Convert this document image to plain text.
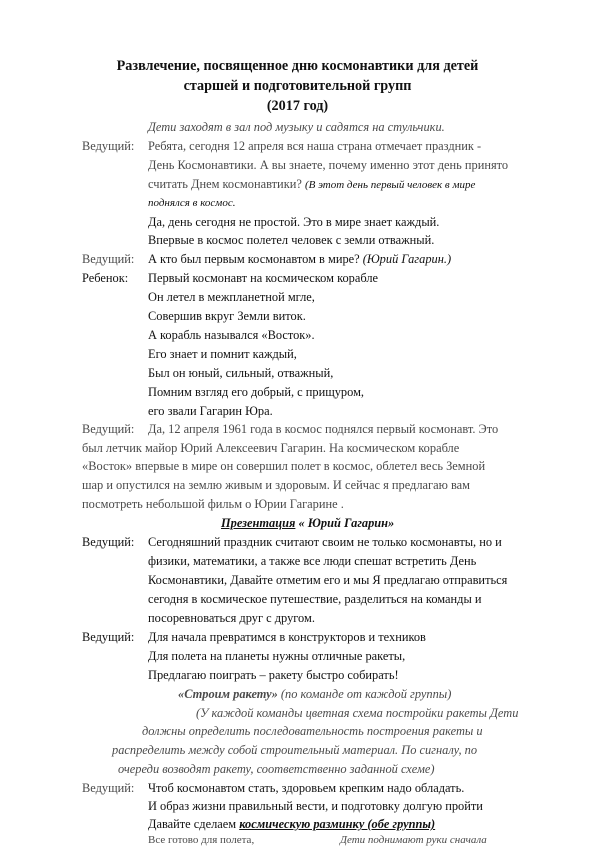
Развлечение, посвященное дню космонавтики для детей
старшей и подготовительной групп
(2017 год)
Дети заходят в зал под музыку и садятся на стульчики.
Ведущий: Ребята, сегодня 12 апреля вся наша страна отмечает праздник -
День Космонавтики. А вы знаете, почему именно этот день принято
считать Днем космонавтики? (В этот день первый человек в мире
поднялся в космос.
Да, день сегодня не простой. Это в мире знает каждый.
Впервые в космос полетел человек с земли отважный.
Ведущий: А кто был первым космонавтом в мире? (Юрий Гагарин.)
Ребенок: Первый космонавт на космическом корабле
Он летел в межпланетной мгле,
Совершив вкруг Земли виток.
А корабль назывался «Восток».
Его знает и помнит каждый,
Был он юный, сильный, отважный,
Помним взгляд его добрый, с прищуром,
его звали Гагарин Юра.
Ведущий: Да, 12 апреля 1961 года в космос поднялся первый космонавт. Это
был летчик майор Юрий Алексеевич Гагарин. На космическом корабле
«Восток» впервые в мире он совершил полет в космос, облетел весь Земной
шар и опустился на землю живым и здоровым. И сейчас я предлагаю вам
посмотреть небольшой фильм о Юрии Гагарине .
Презентация « Юрий Гагарин»
Ведущий: Сегодняшний праздник считают своим не только космонавты, но и
физики, математики, а также все люди спешат встретить День
Космонавтики, Давайте отметим его и мы Я предлагаю отправиться
сегодня в космическое путешествие, разделиться на команды и
посоревноваться друг с другом.
Ведущий: Для начала превратимся в конструкторов и техников
Для полета на планеты нужны отличные ракеты,
Предлагаю поиграть – ракету быстро собирать!
«Строим ракету» (по команде от каждой группы)
(У каждой команды цветная схема постройки ракеты Дети
должны определить последовательность построения ракеты и
распределить между собой строительный материал. По сигналу, по
очереди возводят ракету, соответственно заданной схеме)
Ведущий: Чтоб космонавтом стать, здоровьем крепким надо обладать.
И образ жизни правильный вести, и подготовку долгую пройти
Давайте сделаем космическую разминку (обе группы)
Все готово для полета,	Дети поднимают руки сначала
